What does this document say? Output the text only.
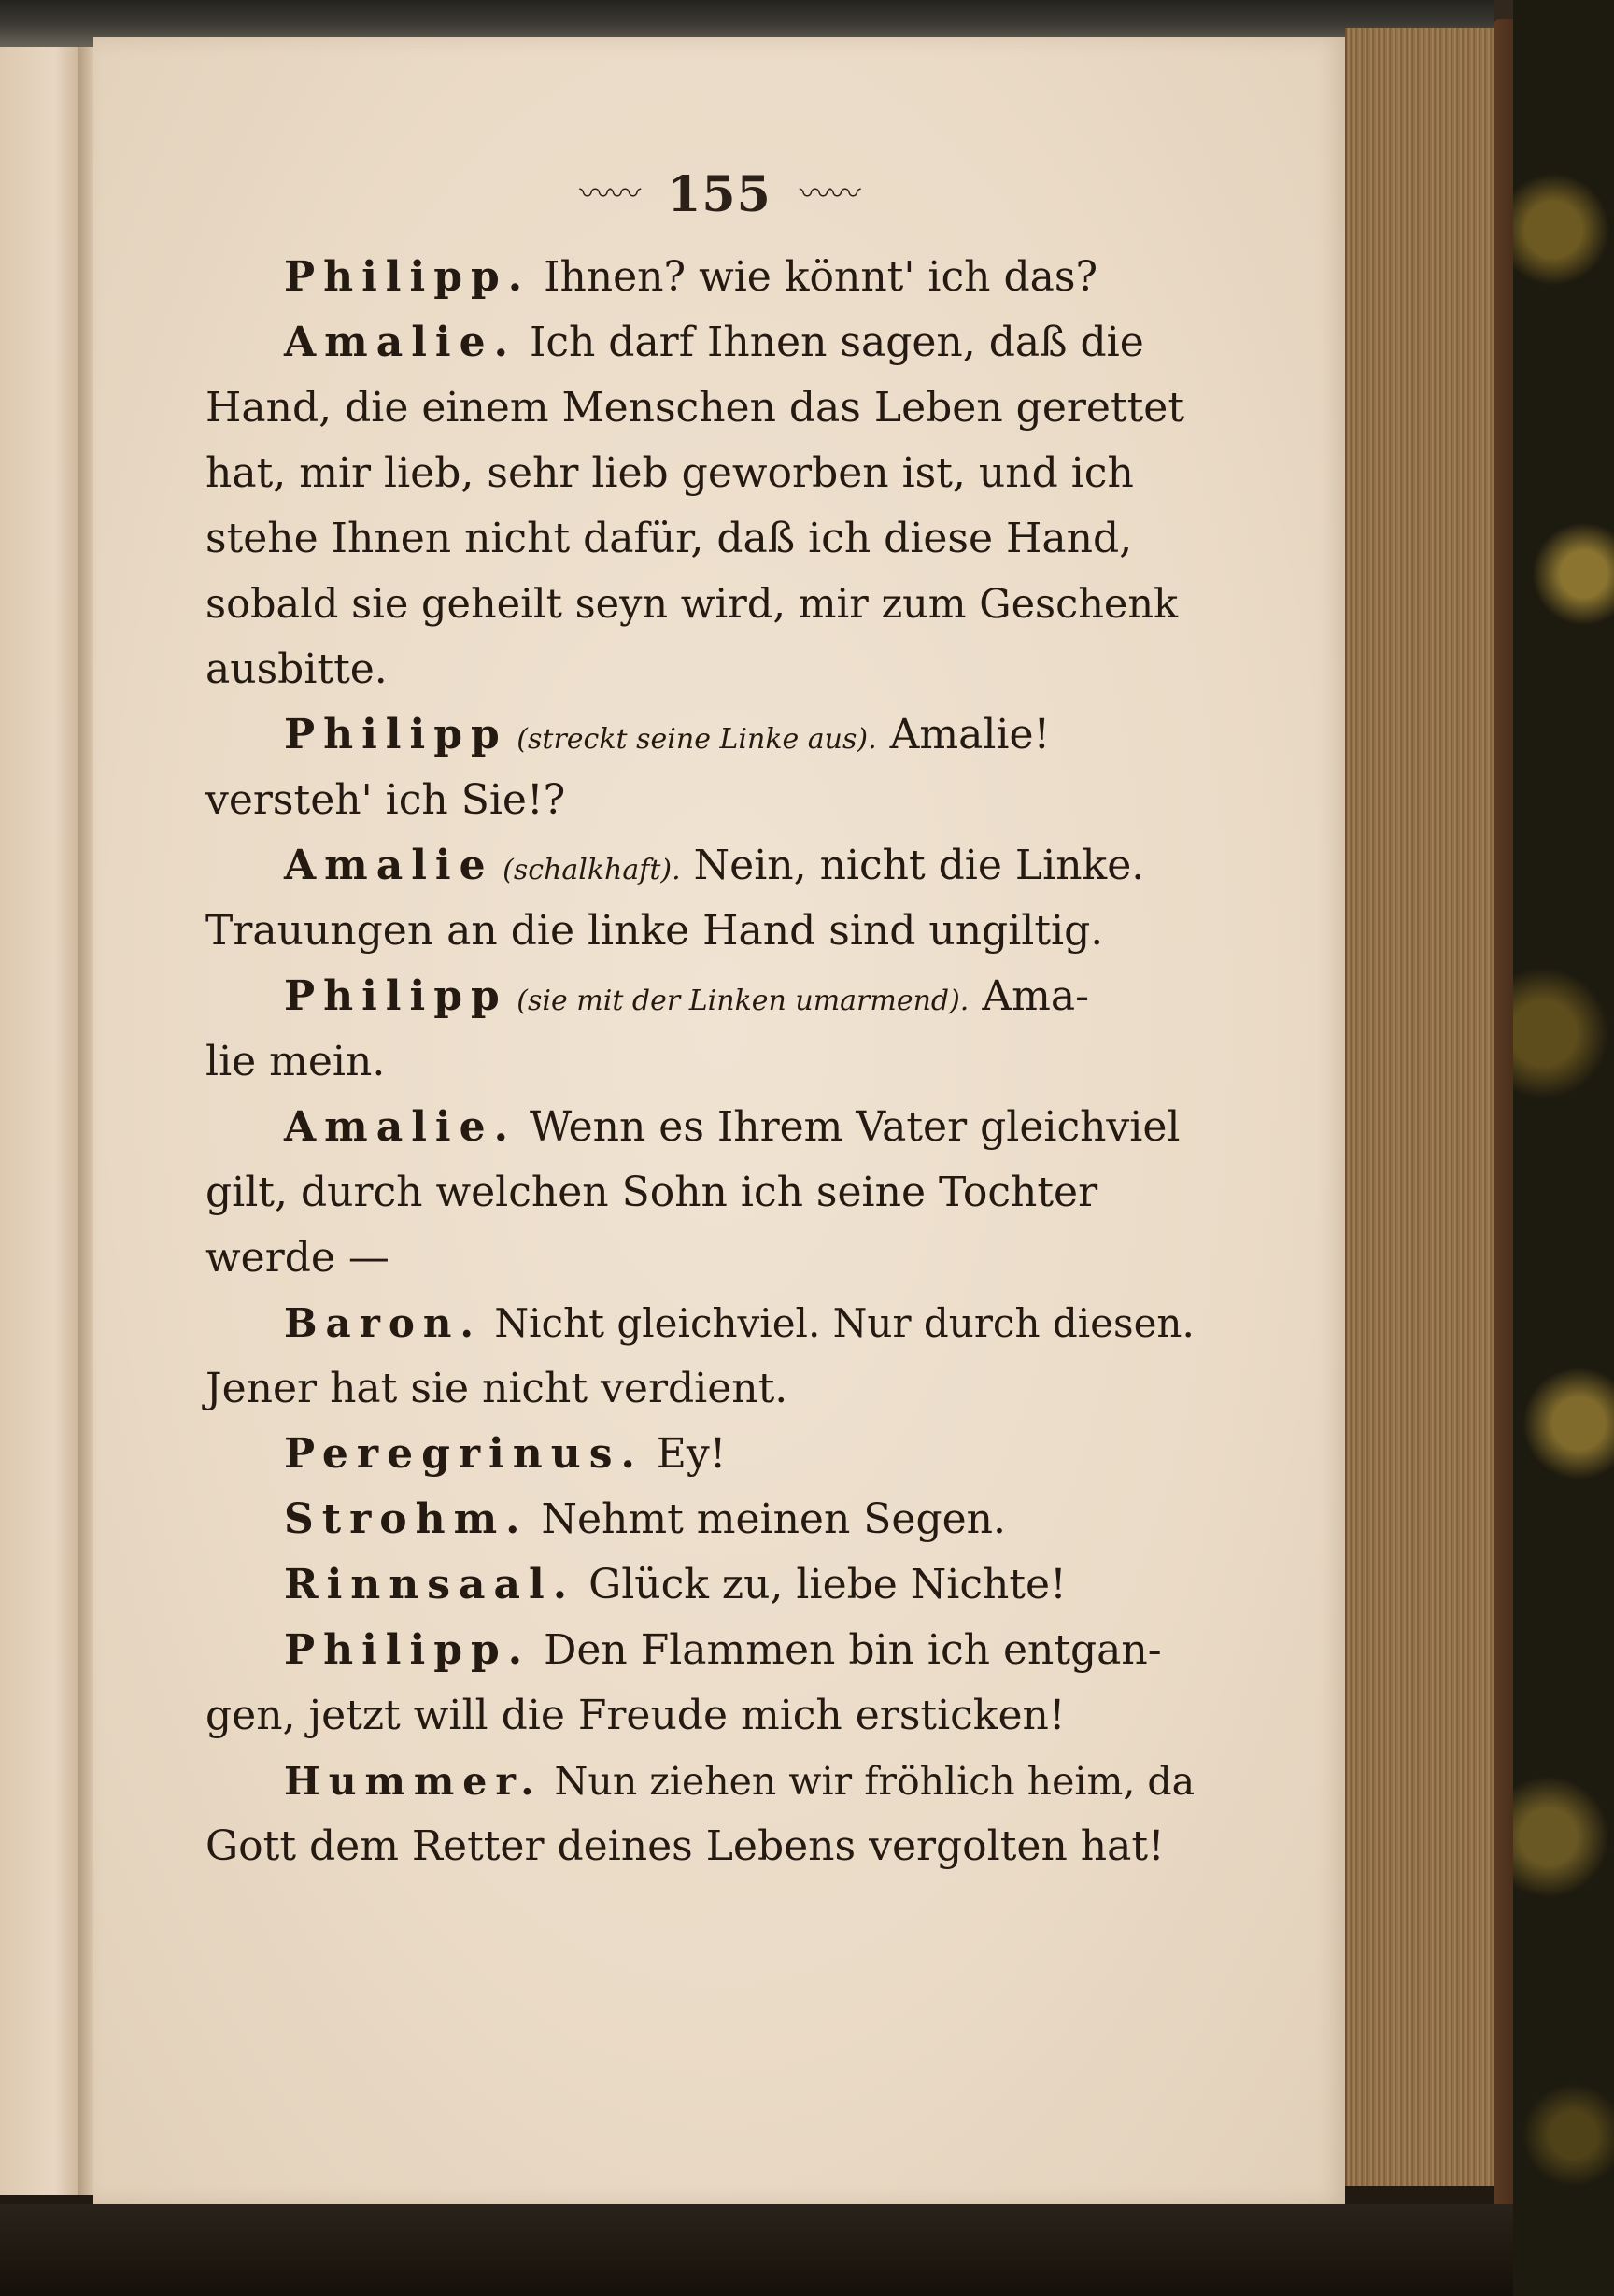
〰〰 155 〰〰
Philipp. Ihnen? wie könnt' ich das?
Amalie. Ich darf Ihnen sagen, daß die
Hand, die einem Menschen das Leben gerettet
hat, mir lieb, sehr lieb geworben ist, und ich
stehe Ihnen nicht dafür, daß ich diese Hand,
sobald sie geheilt seyn wird, mir zum Geschenk
ausbitte.
Philipp (streckt seine Linke aus). Amalie!
versteh' ich Sie!?
Amalie (schalkhaft). Nein, nicht die Linke.
Trauungen an die linke Hand sind ungiltig.
Philipp (sie mit der Linken umarmend). Ama-
lie mein.
Amalie. Wenn es Ihrem Vater gleichviel
gilt, durch welchen Sohn ich seine Tochter
werde —
Baron. Nicht gleichviel. Nur durch diesen.
Jener hat sie nicht verdient.
Peregrinus. Ey!
Strohm. Nehmt meinen Segen.
Rinnsaal. Glück zu, liebe Nichte!
Philipp. Den Flammen bin ich entgan-
gen, jetzt will die Freude mich ersticken!
Hummer. Nun ziehen wir fröhlich heim, da
Gott dem Retter deines Lebens vergolten hat!
